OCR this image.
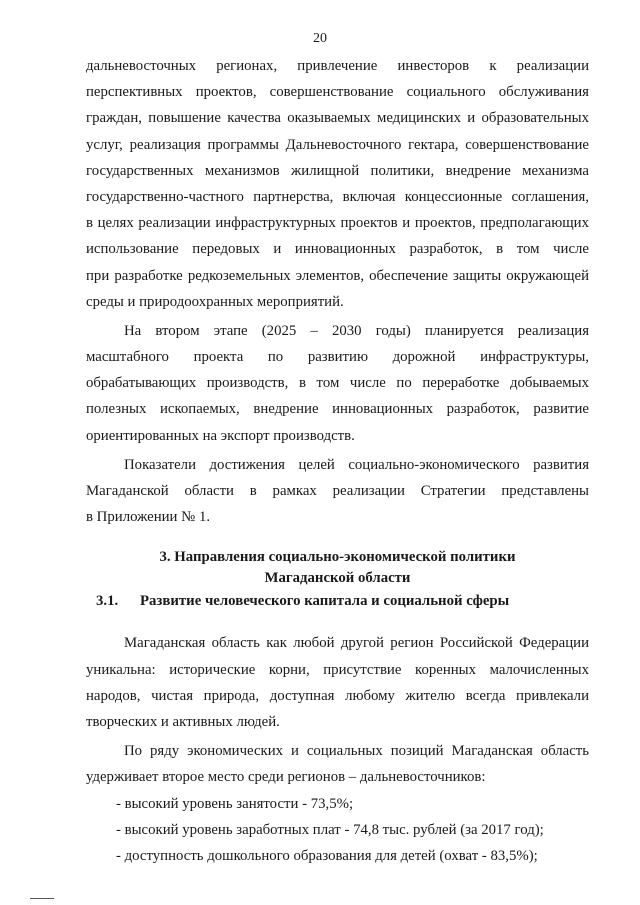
20
дальневосточных регионах, привлечение инвесторов к реализации
перспективных проектов, совершенствование социального обслуживания
граждан, повышение качества оказываемых медицинских и образовательных
услуг, реализация программы Дальневосточного гектара, совершенствование
государственных механизмов жилищной политики, внедрение механизма
государственно-частного партнерства, включая концессионные соглашения,
в целях реализации инфраструктурных проектов и проектов, предполагающих
использование передовых и инновационных разработок, в том числе
при разработке редкоземельных элементов, обеспечение защиты окружающей
среды и природоохранных мероприятий.
На втором этапе (2025 – 2030 годы) планируется реализация
масштабного проекта по развитию дорожной инфраструктуры,
обрабатывающих производств, в том числе по переработке добываемых
полезных ископаемых, внедрение инновационных разработок, развитие
ориентированных на экспорт производств.
Показатели достижения целей социально-экономического развития
Магаданской области в рамках реализации Стратегии представлены
в Приложении № 1.
3. Направления социально-экономической политики
Магаданской области
3.1. Развитие человеческого капитала и социальной сферы
Магаданская область как любой другой регион Российской Федерации
уникальна: исторические корни, присутствие коренных малочисленных
народов, чистая природа, доступная любому жителю всегда привлекали
творческих и активных людей.
По ряду экономических и социальных позиций Магаданская область
удерживает второе место среди регионов – дальневосточников:
- высокий уровень занятости - 73,5%;
- высокий уровень заработных плат - 74,8 тыс. рублей (за 2017 год);
- доступность дошкольного образования для детей (охват - 83,5%);
